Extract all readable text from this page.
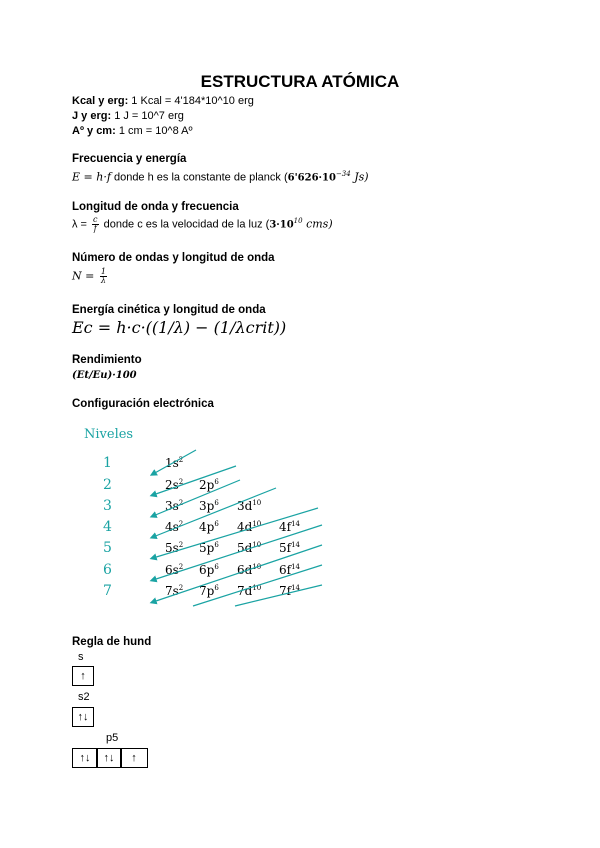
ESTRUCTURA ATÓMICA
Kcal y erg: 1 Kcal = 4'184*10^10 erg
J y erg: 1 J = 10^7 erg
Aº y cm: 1 cm = 10^8 Aº
Frecuencia y energía
E = h·f donde h es la constante de planck ($6'626\cdot 10^{-34}$ Js)
Longitud de onda y frecuencia
$\lambda = \frac{c}{f}$ donde c es la velocidad de la luz ($3\cdot 10^{10}$ cms)
Número de ondas y longitud de onda
$N = \frac{1}{\lambda}$
Energía cinética y longitud de onda
Ec = h·c·((1/λ) − (1/λcrit))
Rendimiento
(Et/Eu)·100
Configuración electrónica
Niveles
1
2
3
4
5
6
7
$1s^2$
$2s^2$ $2p^6$
$3s^2$ $3p^6$ $3d^{10}$
$4s^2$ $4p^6$ $4d^{10}$ $4f^{14}$
$5s^2$ $5p^6$ $5d^{10}$ $5f^{14}$
$6s^2$ $6p^6$ $6d^{10}$ $6f^{14}$
$7s^2$ $7p^6$ $7d^{10}$ $7f^{14}$
Regla de hund
s
↑
s2
↑↓
p5
↑↓	↑↓	↑
